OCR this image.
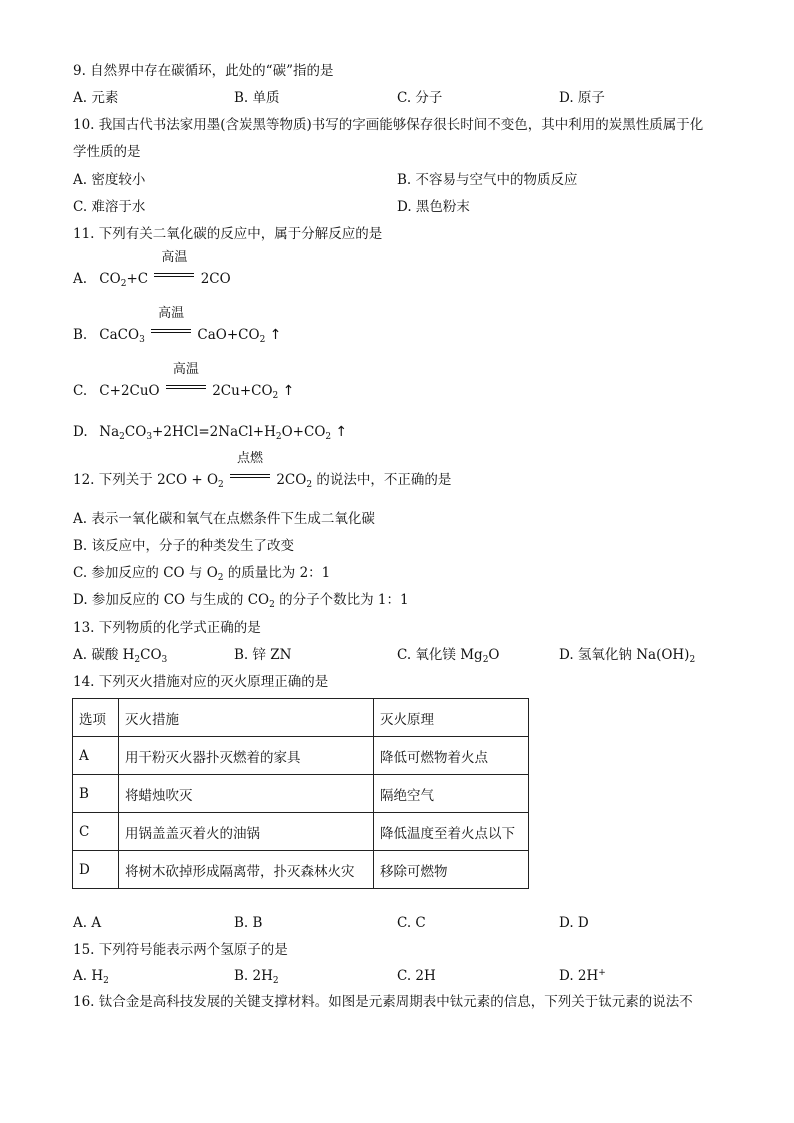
9. 自然界中存在碳循环，此处的“碳”指的是
A. 元素	B. 单质	C. 分子	D. 原子
10. 我国古代书法家用墨(含炭黑等物质)书写的字画能够保存很长时间不变色，其中利用的炭黑性质属于化
学性质的是
A. 密度较小	B. 不容易与空气中的物质反应
C. 难溶于水	D. 黑色粉末
11. 下列有关二氧化碳的反应中，属于分解反应的是
A. $CO_2+C$
高温
2CO
B. CaCO$_3$
高温
$CaO+CO_2$ ↑
C. C+2CuO
高温
$2Cu+CO_2$ ↑
D. $Na_2CO_3+2HCl=2NaCl+H_2O+CO_2$ ↑
12. 下列关于 $2CO + O_2$
点燃
$2CO_2$ 的说法中，不正确的是
A. 表示一氧化碳和氧气在点燃条件下生成二氧化碳
B. 该反应中，分子的种类发生了改变
C. 参加反应的 CO 与 $O_2$ 的质量比为 2：1
D. 参加反应的 CO 与生成的 $CO_2$ 的分子个数比为 1：1
13. 下列物质的化学式正确的是
A. 碳酸 $H_2CO_3$	B. 锌 ZN	C. 氧化镁 $Mg_2O$	D. 氢氧化钠 $Na(OH)_2$
14. 下列灭火措施对应的灭火原理正确的是
选项	灭火措施	灭火原理
A	用干粉灭火器扑灭燃着的家具	降低可燃物着火点
B	将蜡烛吹灭	隔绝空气
C	用锅盖盖灭着火的油锅	降低温度至着火点以下
D	将树木砍掉形成隔离带，扑灭森林火灾	移除可燃物
A. A	B. B	C. C	D. D
15. 下列符号能表示两个氢原子的是
A. $H_2$	B. $2H_2$	C. 2H	D. 2H+
16. 钛合金是高科技发展的关键支撑材料。如图是元素周期表中钛元素的信息，下列关于钛元素的说法不
